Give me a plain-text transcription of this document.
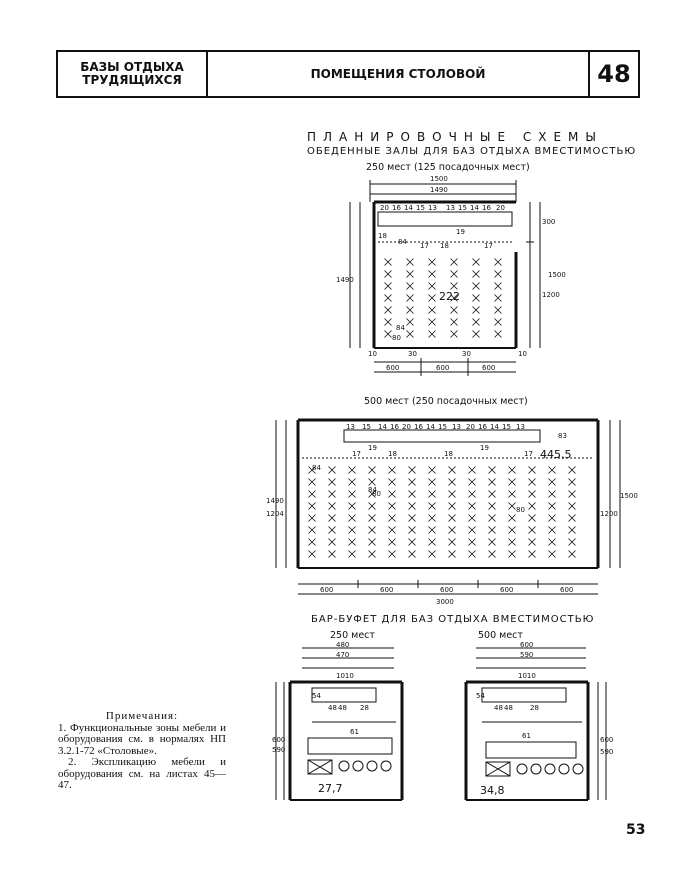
БАЗЫ ОТДЫХА
ТРУДЯЩИХСЯ	ПОМЕЩЕНИЯ СТОЛОВОЙ	48
ПЛАНИРОВОЧНЫЕ СХЕМЫ
ОБЕДЕННЫЕ ЗАЛЫ ДЛЯ БАЗ ОТДЫХА ВМЕСТИМОСТЬЮ
250 мест (125 посадочных мест)
500 мест (250 посадочных мест)
БАР-БУФЕТ ДЛЯ БАЗ ОТДЫХА ВМЕСТИМОСТЬЮ
250 мест	500 мест
1500
1490
300
1200
1500
600	600	600
1490
20 16 14 15 13 13 15 14 16 20
18
84 17 18
19
17
84
80
30	30
10	10
222
1490
1204
1500
1200
600	600	600	600	600
3000
13 15 14 16 20 16 14 15 13 20 16 14 15 13
84
83
19	19
17	18	18	17
84
80
80
445,5
480
470
1010
600
590
54
48 48 28
61
27,7
600
590
1010
600
590
54
48 48 28
61
34,8
Примечания:
1. Функциональные зоны мебели и оборудования см. в нормалях НП 3.2.1-72 «Столовые».
2. Экспликацию мебели и оборудования см. на листах 45—47.
53
